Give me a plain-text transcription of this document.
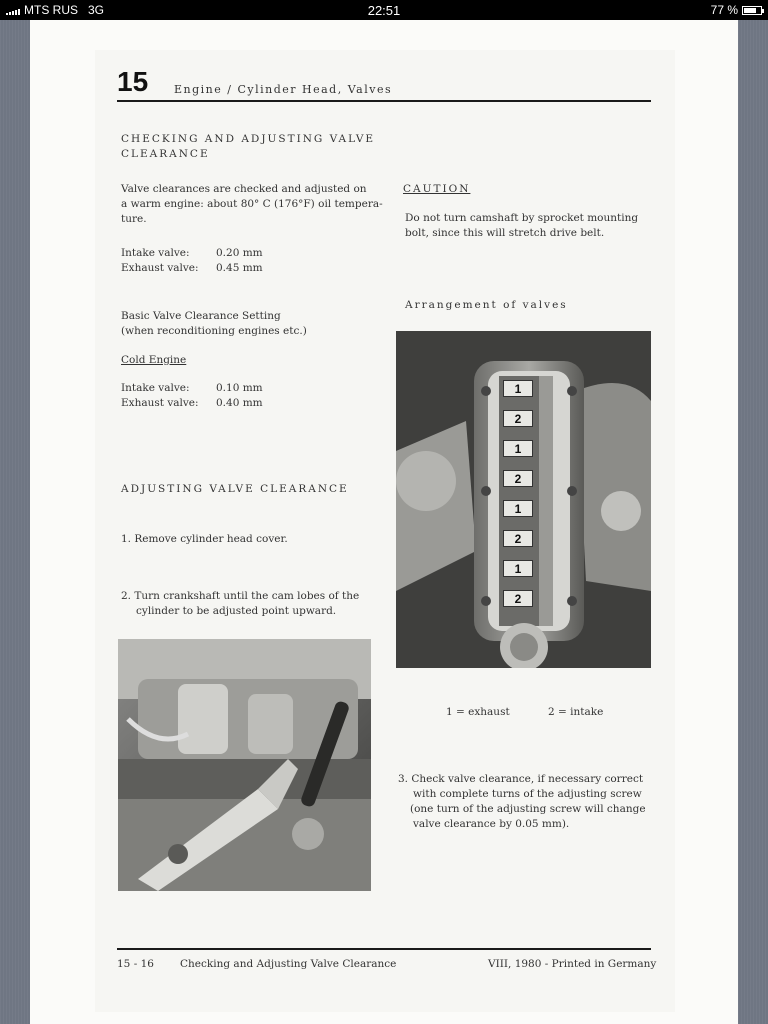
MTS RUS 3G	22:51	77 %
15 Engine / Cylinder Head, Valves
CHECKING AND ADJUSTING VALVE
CLEARANCE
Valve clearances are checked and adjusted on
a warm engine: about 80° C (176°F) oil tempera-
ture.
Intake valve:	0.20 mm
Exhaust valve:	0.45 mm
Basic Valve Clearance Setting
(when reconditioning engines etc.)
Cold Engine
Intake valve:	0.10 mm
Exhaust valve:	0.40 mm
ADJUSTING VALVE CLEARANCE
1. Remove cylinder head cover.
2. Turn crankshaft until the cam lobes of the
cylinder to be adjusted point upward.
CAUTION
Do not turn camshaft by sprocket mounting
bolt, since this will stretch drive belt.
Arrangement of valves
1
2
1
2
1
2
1
2
1 = exhaust	2 = intake
3. Check valve clearance, if necessary correct
with complete turns of the adjusting screw
(one turn of the adjusting screw will change
valve clearance by 0.05 mm).
15 - 16 Checking and Adjusting Valve Clearance	VIII, 1980 - Printed in Germany
